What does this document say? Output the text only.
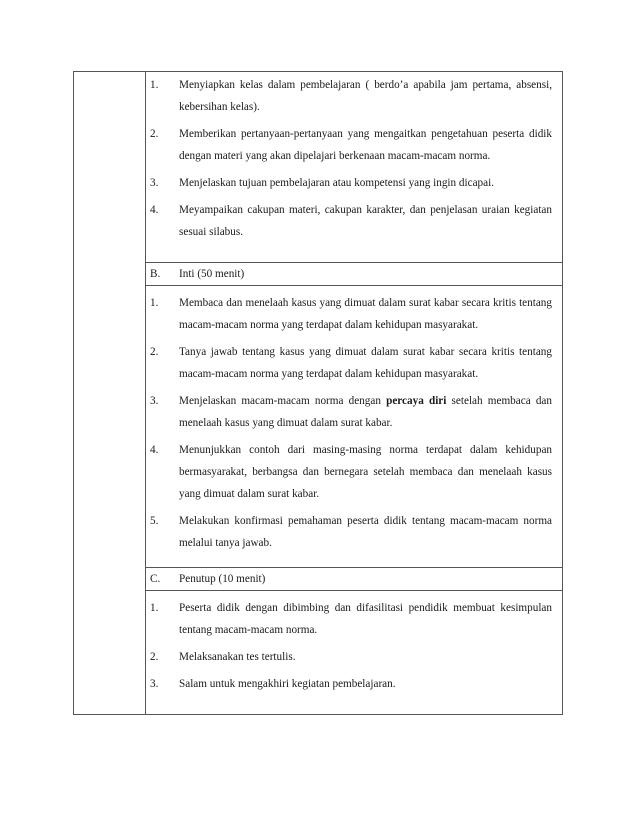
1.	Menyiapkan kelas dalam pembelajaran ( berdo’a apabila jam pertama, absensi, kebersihan kelas).
2.	Memberikan pertanyaan-pertanyaan yang mengaitkan pengetahuan peserta didik dengan materi yang akan dipelajari berkenaan macam-macam norma.
3.	Menjelaskan tujuan pembelajaran atau kompetensi yang ingin dicapai.
4.	Meyampaikan cakupan materi, cakupan karakter, dan penjelasan uraian kegiatan sesuai silabus.
B.	Inti (50 menit)
1.	Membaca dan menelaah kasus yang dimuat dalam surat kabar secara kritis tentang macam-macam norma yang terdapat dalam kehidupan masyarakat.
2.	Tanya jawab tentang kasus yang dimuat dalam surat kabar secara kritis tentang macam-macam norma yang terdapat dalam kehidupan masyarakat.
3.	Menjelaskan macam-macam norma dengan percaya diri setelah membaca dan menelaah kasus yang dimuat dalam surat kabar.
4.	Menunjukkan contoh dari masing-masing norma terdapat dalam kehidupan bermasyarakat, berbangsa dan bernegara setelah membaca dan menelaah kasus yang dimuat dalam surat kabar.
5.	Melakukan konfirmasi pemahaman peserta didik tentang macam-macam norma melalui tanya jawab.
C.	Penutup (10 menit)
1.	Peserta didik dengan dibimbing dan difasilitasi pendidik membuat kesimpulan tentang macam-macam norma.
2.	Melaksanakan tes tertulis.
3.	Salam untuk mengakhiri kegiatan pembelajaran.
